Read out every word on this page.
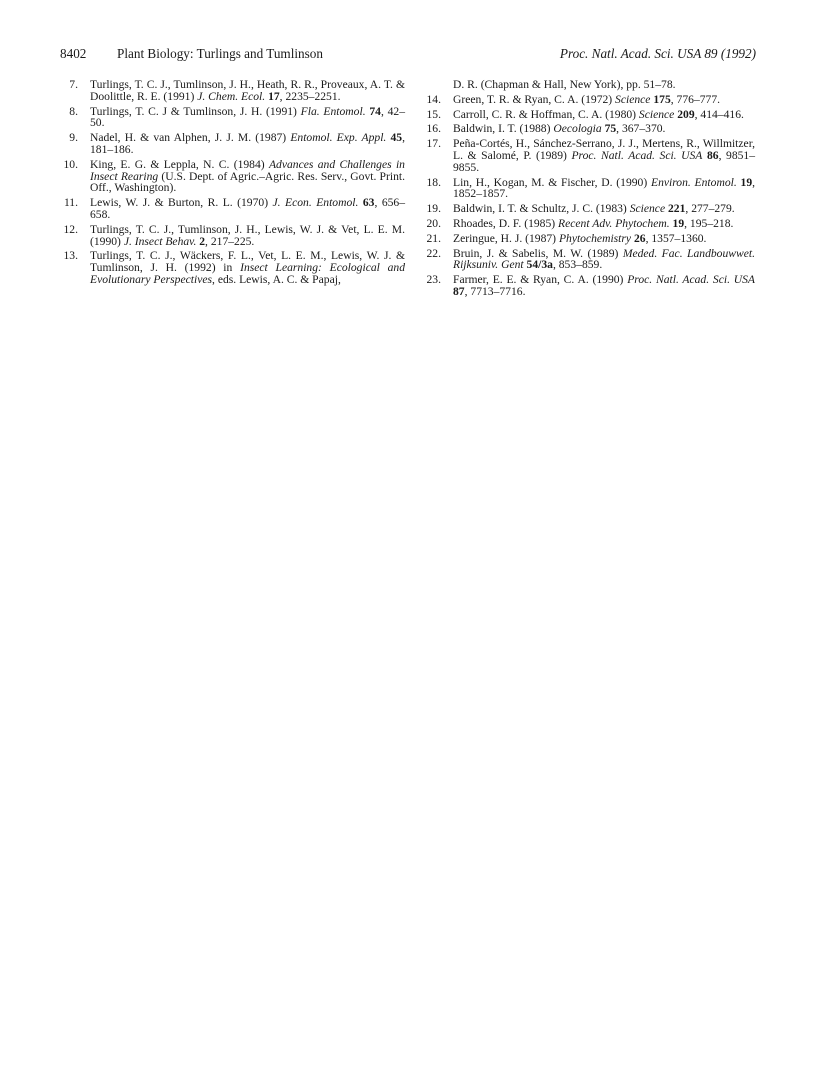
8402 Plant Biology: Turlings and Tumlinson	Proc. Natl. Acad. Sci. USA 89 (1992)
7. Turlings, T. C. J., Tumlinson, J. H., Heath, R. R., Proveaux, A. T. & Doolittle, R. E. (1991) J. Chem. Ecol. 17, 2235–2251.
8. Turlings, T. C. J & Tumlinson, J. H. (1991) Fla. Entomol. 74, 42–50.
9. Nadel, H. & van Alphen, J. J. M. (1987) Entomol. Exp. Appl. 45, 181–186.
10. King, E. G. & Leppla, N. C. (1984) Advances and Challenges in Insect Rearing (U.S. Dept. of Agric.–Agric. Res. Serv., Govt. Print. Off., Washington).
11. Lewis, W. J. & Burton, R. L. (1970) J. Econ. Entomol. 63, 656–658.
12. Turlings, T. C. J., Tumlinson, J. H., Lewis, W. J. & Vet, L. E. M. (1990) J. Insect Behav. 2, 217–225.
13. Turlings, T. C. J., Wäckers, F. L., Vet, L. E. M., Lewis, W. J. & Tumlinson, J. H. (1992) in Insect Learning: Ecological and Evolutionary Perspectives, eds. Lewis, A. C. & Papaj,
D. R. (Chapman & Hall, New York), pp. 51–78.
14. Green, T. R. & Ryan, C. A. (1972) Science 175, 776–777.
15. Carroll, C. R. & Hoffman, C. A. (1980) Science 209, 414–416.
16. Baldwin, I. T. (1988) Oecologia 75, 367–370.
17. Peña-Cortés, H., Sánchez-Serrano, J. J., Mertens, R., Willmitzer, L. & Salomé, P. (1989) Proc. Natl. Acad. Sci. USA 86, 9851–9855.
18. Lin, H., Kogan, M. & Fischer, D. (1990) Environ. Entomol. 19, 1852–1857.
19. Baldwin, I. T. & Schultz, J. C. (1983) Science 221, 277–279.
20. Rhoades, D. F. (1985) Recent Adv. Phytochem. 19, 195–218.
21. Zeringue, H. J. (1987) Phytochemistry 26, 1357–1360.
22. Bruin, J. & Sabelis, M. W. (1989) Meded. Fac. Landbouwwet. Rijksuniv. Gent 54/3a, 853–859.
23. Farmer, E. E. & Ryan, C. A. (1990) Proc. Natl. Acad. Sci. USA 87, 7713–7716.
